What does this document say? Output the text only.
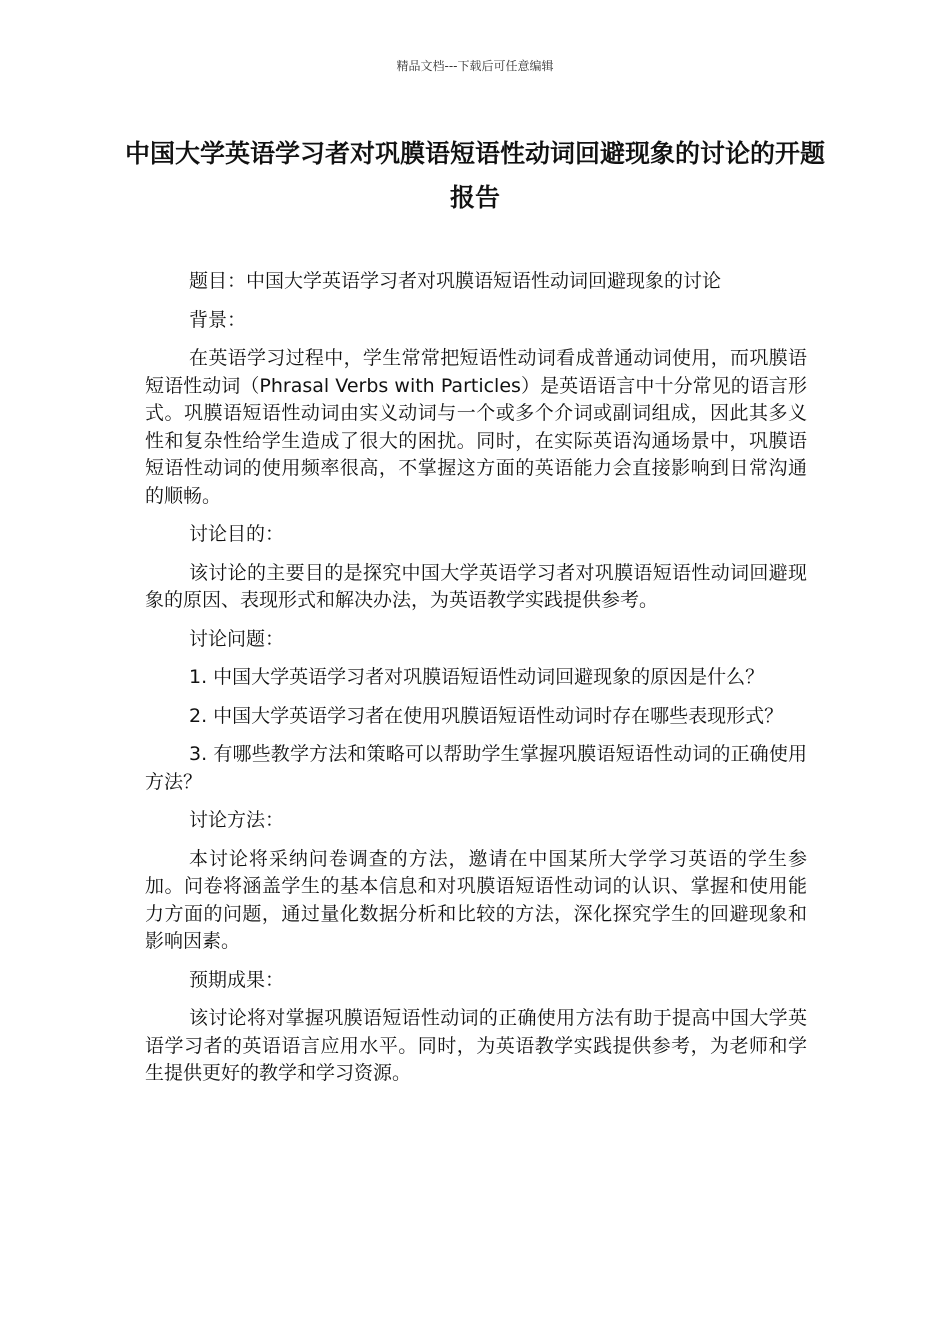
精品文档---下载后可任意编辑
中国大学英语学习者对巩膜语短语性动词回避现象的讨论的开题报告

题目：中国大学英语学习者对巩膜语短语性动词回避现象的讨论

背景：

在英语学习过程中，学生常常把短语性动词看成普通动词使用，而巩膜语短语性动词（Phrasal Verbs with Particles）是英语语言中十分常见的语言形式。巩膜语短语性动词由实义动词与一个或多个介词或副词组成，因此其多义性和复杂性给学生造成了很大的困扰。同时，在实际英语沟通场景中，巩膜语短语性动词的使用频率很高，不掌握这方面的英语能力会直接影响到日常沟通的顺畅。

讨论目的：

该讨论的主要目的是探究中国大学英语学习者对巩膜语短语性动词回避现象的原因、表现形式和解决办法，为英语教学实践提供参考。

讨论问题：

1. 中国大学英语学习者对巩膜语短语性动词回避现象的原因是什么？

2. 中国大学英语学习者在使用巩膜语短语性动词时存在哪些表现形式？

3. 有哪些教学方法和策略可以帮助学生掌握巩膜语短语性动词的正确使用方法？

讨论方法：

本讨论将采纳问卷调查的方法，邀请在中国某所大学学习英语的学生参加。问卷将涵盖学生的基本信息和对巩膜语短语性动词的认识、掌握和使用能力方面的问题，通过量化数据分析和比较的方法，深化探究学生的回避现象和影响因素。

预期成果：

该讨论将对掌握巩膜语短语性动词的正确使用方法有助于提高中国大学英语学习者的英语语言应用水平。同时，为英语教学实践提供参考，为老师和学生提供更好的教学和学习资源。
